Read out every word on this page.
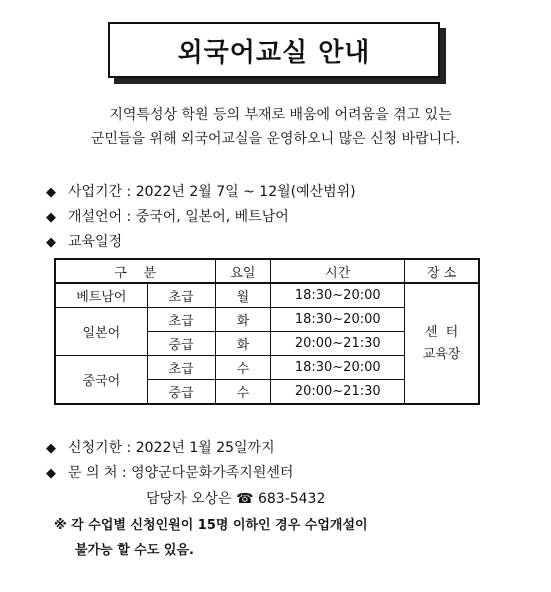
외국어교실 안내
지역특성상 학원 등의 부재로 배움에 어려움을 겪고 있는
군민들을 위해 외국어교실을 운영하오니 많은 신청 바랍니다.
◆ 사업기간 : 2022년 2월 7일 ~ 12월(예산범위)
◆ 개설언어 : 중국어, 일본어, 베트남어
◆ 교육일정
구    분		요일	시간	장 소
베트남어	초급	월	18:30~20:00	센  터
교육장

일본어	초급	화	18:30~20:00	
	중급	화	20:00~21:30	
중국어	초급	수	18:30~20:00	
	중급	수	20:00~21:30	
◆ 신청기한 : 2022년 1월 25일까지
◆ 문 의 처 : 영양군다문화가족지원센터
담당자 오상은 ☎ 683-5432
※ 각 수업별 신청인원이 15명 이하인 경우 수업개설이
불가능 할 수도 있음.
